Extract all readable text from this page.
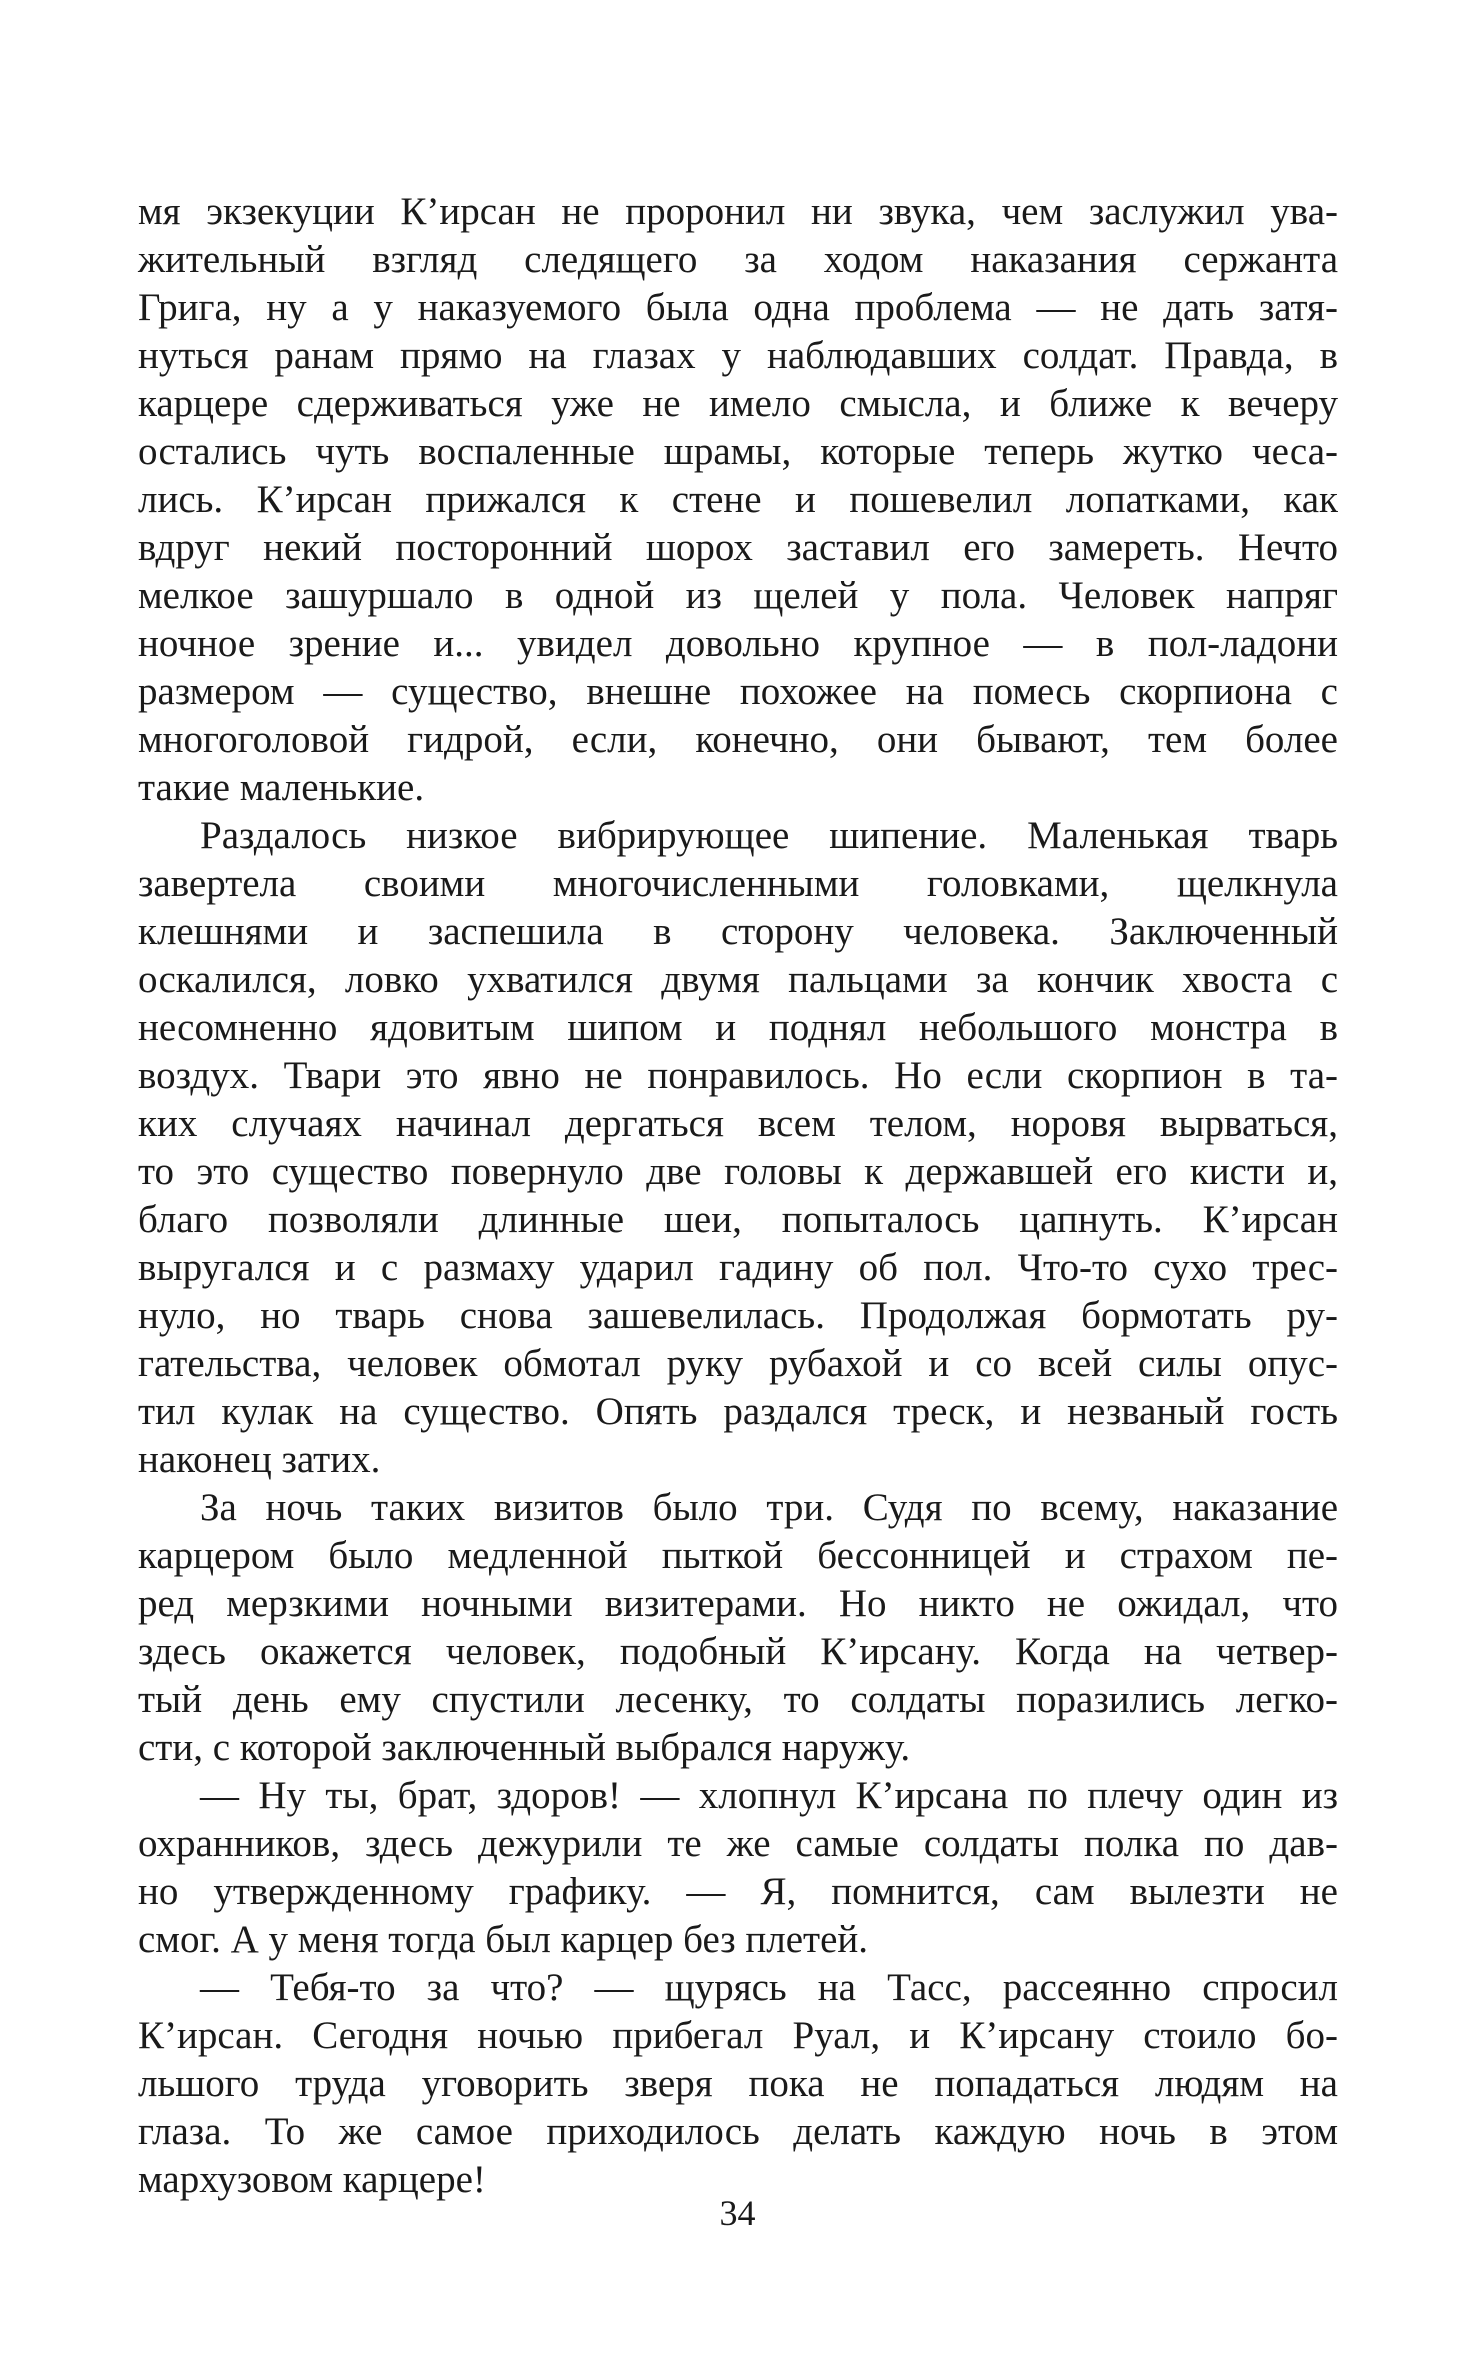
мя экзекуции К’ирсан не проронил ни звука, чем заслужил ува-
жительный взгляд следящего за ходом наказания сержанта
Грига, ну а у наказуемого была одна проблема — не дать затя-
нуться ранам прямо на глазах у наблюдавших солдат. Правда, в
карцере сдерживаться уже не имело смысла, и ближе к вечеру
остались чуть воспаленные шрамы, которые теперь жутко чеса-
лись. К’ирсан прижался к стене и пошевелил лопатками, как
вдруг некий посторонний шорох заставил его замереть. Нечто
мелкое зашуршало в одной из щелей у пола. Человек напряг
ночное зрение и... увидел довольно крупное — в пол-ладони
размером — существо, внешне похожее на помесь скорпиона с
многоголовой гидрой, если, конечно, они бывают, тем более
такие маленькие.
Раздалось низкое вибрирующее шипение. Маленькая тварь
завертела своими многочисленными головками, щелкнула
клешнями и заспешила в сторону человека. Заключенный
оскалился, ловко ухватился двумя пальцами за кончик хвоста с
несомненно ядовитым шипом и поднял небольшого монстра в
воздух. Твари это явно не понравилось. Но если скорпион в та-
ких случаях начинал дергаться всем телом, норовя вырваться,
то это существо повернуло две головы к державшей его кисти и,
благо позволяли длинные шеи, попыталось цапнуть. К’ирсан
выругался и с размаху ударил гадину об пол. Что-то сухо трес-
нуло, но тварь снова зашевелилась. Продолжая бормотать ру-
гательства, человек обмотал руку рубахой и со всей силы опус-
тил кулак на существо. Опять раздался треск, и незваный гость
наконец затих.
За ночь таких визитов было три. Судя по всему, наказание
карцером было медленной пыткой бессонницей и страхом пе-
ред мерзкими ночными визитерами. Но никто не ожидал, что
здесь окажется человек, подобный К’ирсану. Когда на четвер-
тый день ему спустили лесенку, то солдаты поразились легко-
сти, с которой заключенный выбрался наружу.
— Ну ты, брат, здоров! — хлопнул К’ирсана по плечу один из
охранников, здесь дежурили те же самые солдаты полка по дав-
но утвержденному графику. — Я, помнится, сам вылезти не
смог. А у меня тогда был карцер без плетей.
— Тебя-то за что? — щурясь на Тасс, рассеянно спросил
К’ирсан. Сегодня ночью прибегал Руал, и К’ирсану стоило бо-
льшого труда уговорить зверя пока не попадаться людям на
глаза. То же самое приходилось делать каждую ночь в этом
мархузовом карцере!
34
